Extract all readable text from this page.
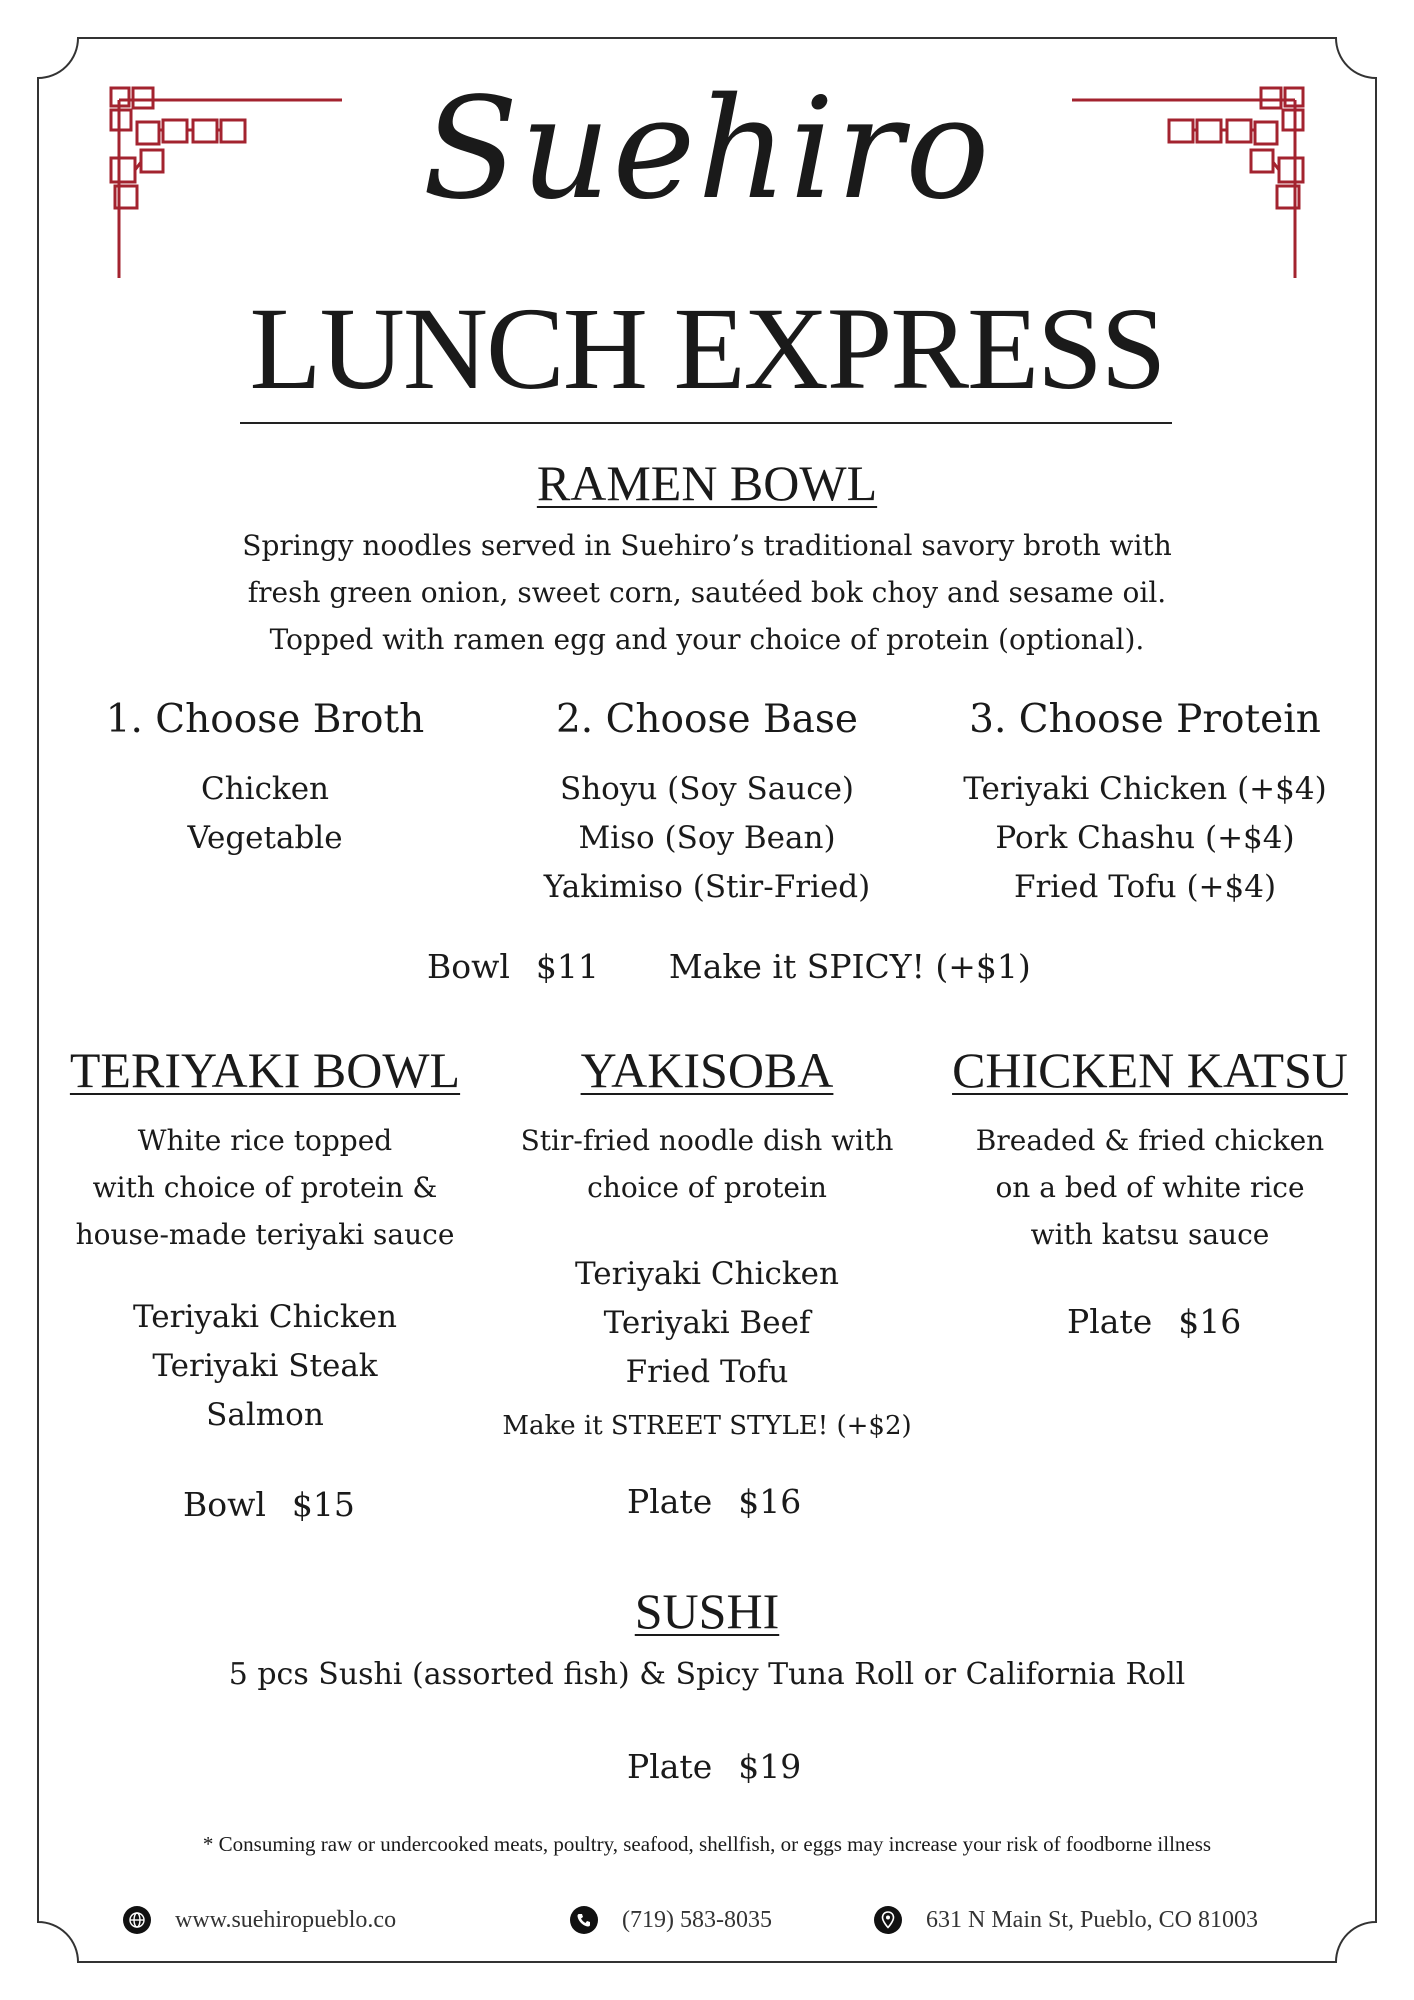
Suehiro
LUNCH EXPRESS
RAMEN BOWL
Springy noodles served in Suehiro’s traditional savory broth with
fresh green onion, sweet corn, sautéed bok choy and sesame oil.
Topped with ramen egg and your choice of protein (optional).
1. Choose Broth
Chicken
Vegetable
2. Choose Base
Shoyu (Soy Sauce)
Miso (Soy Bean)
Yakimiso (Stir-Fried)
3. Choose Protein
Teriyaki Chicken (+$4)
Pork Chashu (+$4)
Fried Tofu (+$4)
Bowl $11 Make it SPICY! (+$1)
TERIYAKI BOWL
White rice topped
with choice of protein &
house-made teriyaki sauce
Teriyaki Chicken
Teriyaki Steak
Salmon
Bowl $15
YAKISOBA
Stir-fried noodle dish with
choice of protein
Teriyaki Chicken
Teriyaki Beef
Fried Tofu
Make it STREET STYLE! (+$2)
Plate $16
CHICKEN KATSU
Breaded & fried chicken
on a bed of white rice
with katsu sauce
Plate $16
SUSHI
5 pcs Sushi (assorted fish) & Spicy Tuna Roll or California Roll
Plate $19
* Consuming raw or undercooked meats, poultry, seafood, shellfish, or eggs may increase your risk of foodborne illness
www.suehiropueblo.co	(719) 583-8035	631 N Main St, Pueblo, CO 81003
